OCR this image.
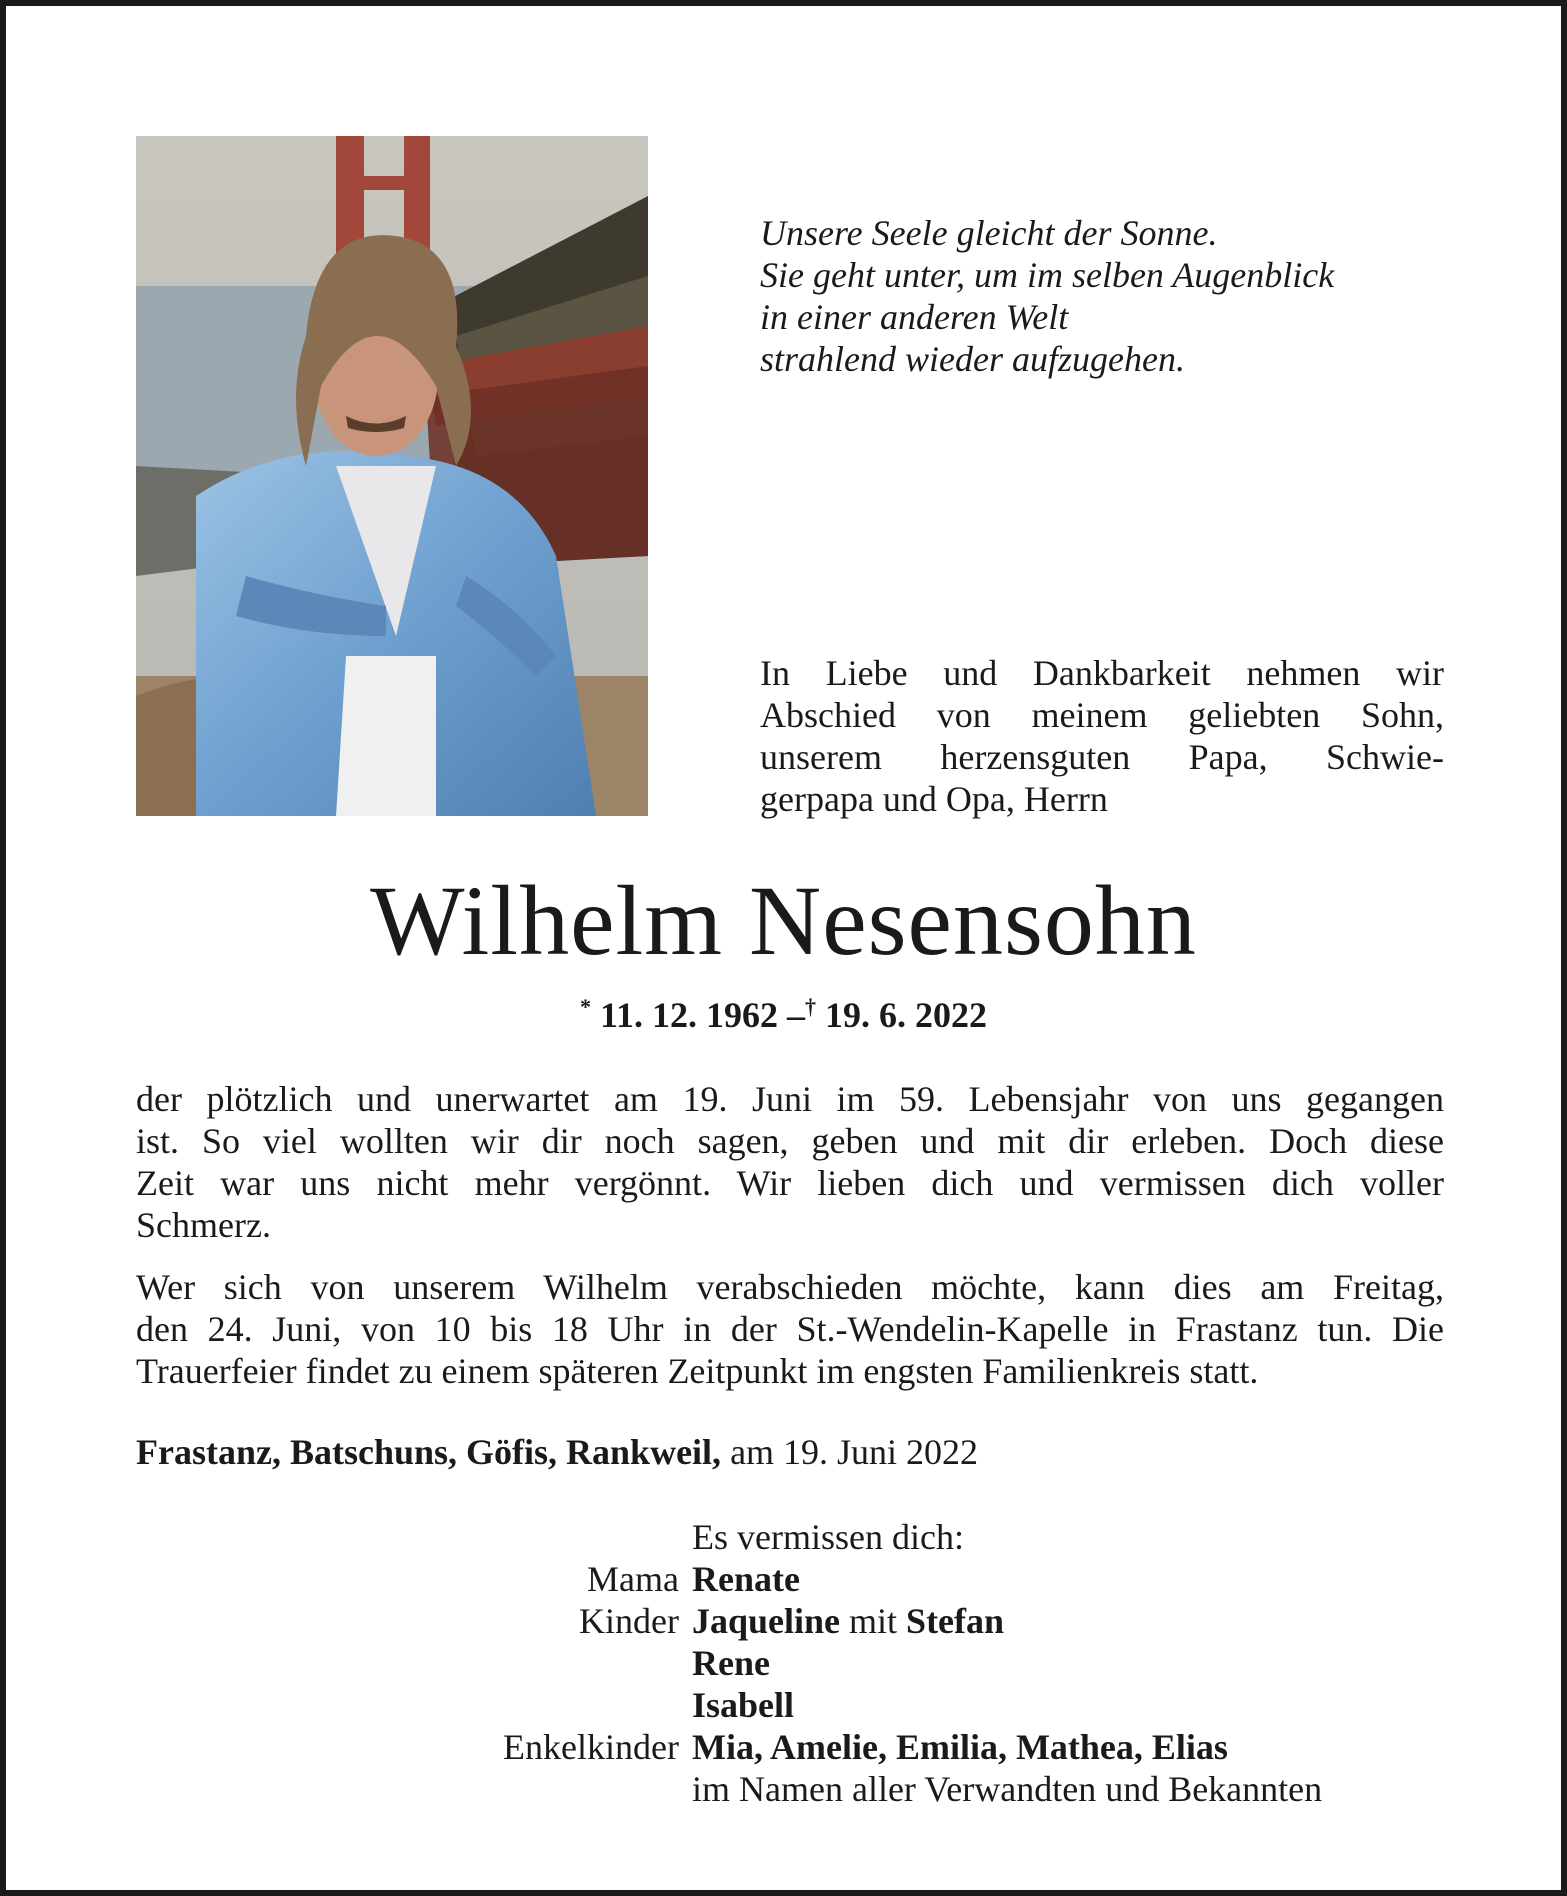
Unsere Seele gleicht der Sonne.
Sie geht unter, um im selben Augenblick
in einer anderen Welt
strahlend wieder aufzugehen.
In Liebe und Dankbarkeit nehmen wir
Abschied von meinem geliebten Sohn,
unserem herzensguten Papa, Schwie-
gerpapa und Opa, Herrn
Wilhelm Nesensohn
* 11. 12. 1962 –† 19. 6. 2022
der plötzlich und unerwartet am 19. Juni im 59. Lebensjahr von uns gegangen
ist. So viel wollten wir dir noch sagen, geben und mit dir erleben. Doch diese
Zeit war uns nicht mehr vergönnt. Wir lieben dich und vermissen dich voller
Schmerz.
Wer sich von unserem Wilhelm verabschieden möchte, kann dies am Freitag,
den 24. Juni, von 10 bis 18 Uhr in der St.-Wendelin-Kapelle in Frastanz tun. Die
Trauerfeier findet zu einem späteren Zeitpunkt im engsten Familienkreis statt.
Frastanz, Batschuns, Göfis, Rankweil, am 19. Juni 2022
Es vermissen dich:
Mama Renate
Kinder Jaqueline mit Stefan
Rene
Isabell
Enkelkinder Mia, Amelie, Emilia, Mathea, Elias
im Namen aller Verwandten und Bekannten
